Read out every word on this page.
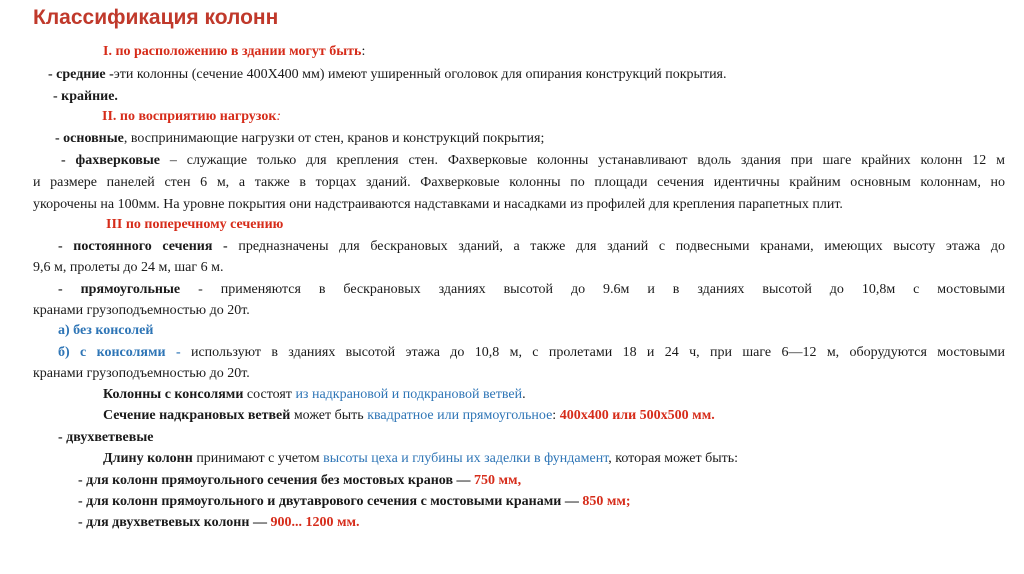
Классификация колонн
I. по расположению в здании могут быть:
- средние -эти колонны (сечение 400Х400 мм) имеют уширенный оголовок для опирания конструкций покрытия.
- крайние.
II. по восприятию нагрузок:
- основные, воспринимающие нагрузки от стен, кранов и конструкций покрытия;
- фахверковые – служащие только для крепления стен. Фахверковые колонны устанавливают вдоль здания при шаге крайних колонн 12 м
и размере панелей стен 6 м, а также в торцах зданий. Фахверковые колонны по площади сечения идентичны крайним основным колоннам, но
укорочены на 100мм. На уровне покрытия они надстраиваются надставками и насадками из профилей для крепления парапетных плит.
III по поперечному сечению
- постоянного сечения - предназначены для бескрановых зданий, а также для зданий с подвесными кранами, имеющих высоту этажа до
9,6 м, пролеты до 24 м, шаг 6 м.
- прямоугольные - применяются в бескрановых зданиях высотой до 9.6м и в зданиях высотой до 10,8м с мостовыми
кранами грузоподъемностью до 20т.
а) без консолей
б) с консолями - используют в зданиях высотой этажа до 10,8 м, с пролетами 18 и 24 ч, при шаге 6—12 м, оборудуются мостовыми
кранами грузоподъемностью до 20т.
Колонны с консолями состоят из надкрановой и подкрановой ветвей.
Сечение надкрановых ветвей может быть квадратное или прямоугольное: 400х400 или 500х500 мм.
- двухветвевые
Длину колонн принимают с учетом высоты цеха и глубины их заделки в фундамент, которая может быть:
- для колонн прямоугольного сечения без мостовых кранов — 750 мм,
- для колонн прямоугольного и двутаврового сечения с мостовыми кранами — 850 мм;
- для двухветвевых колонн — 900... 1200 мм.
